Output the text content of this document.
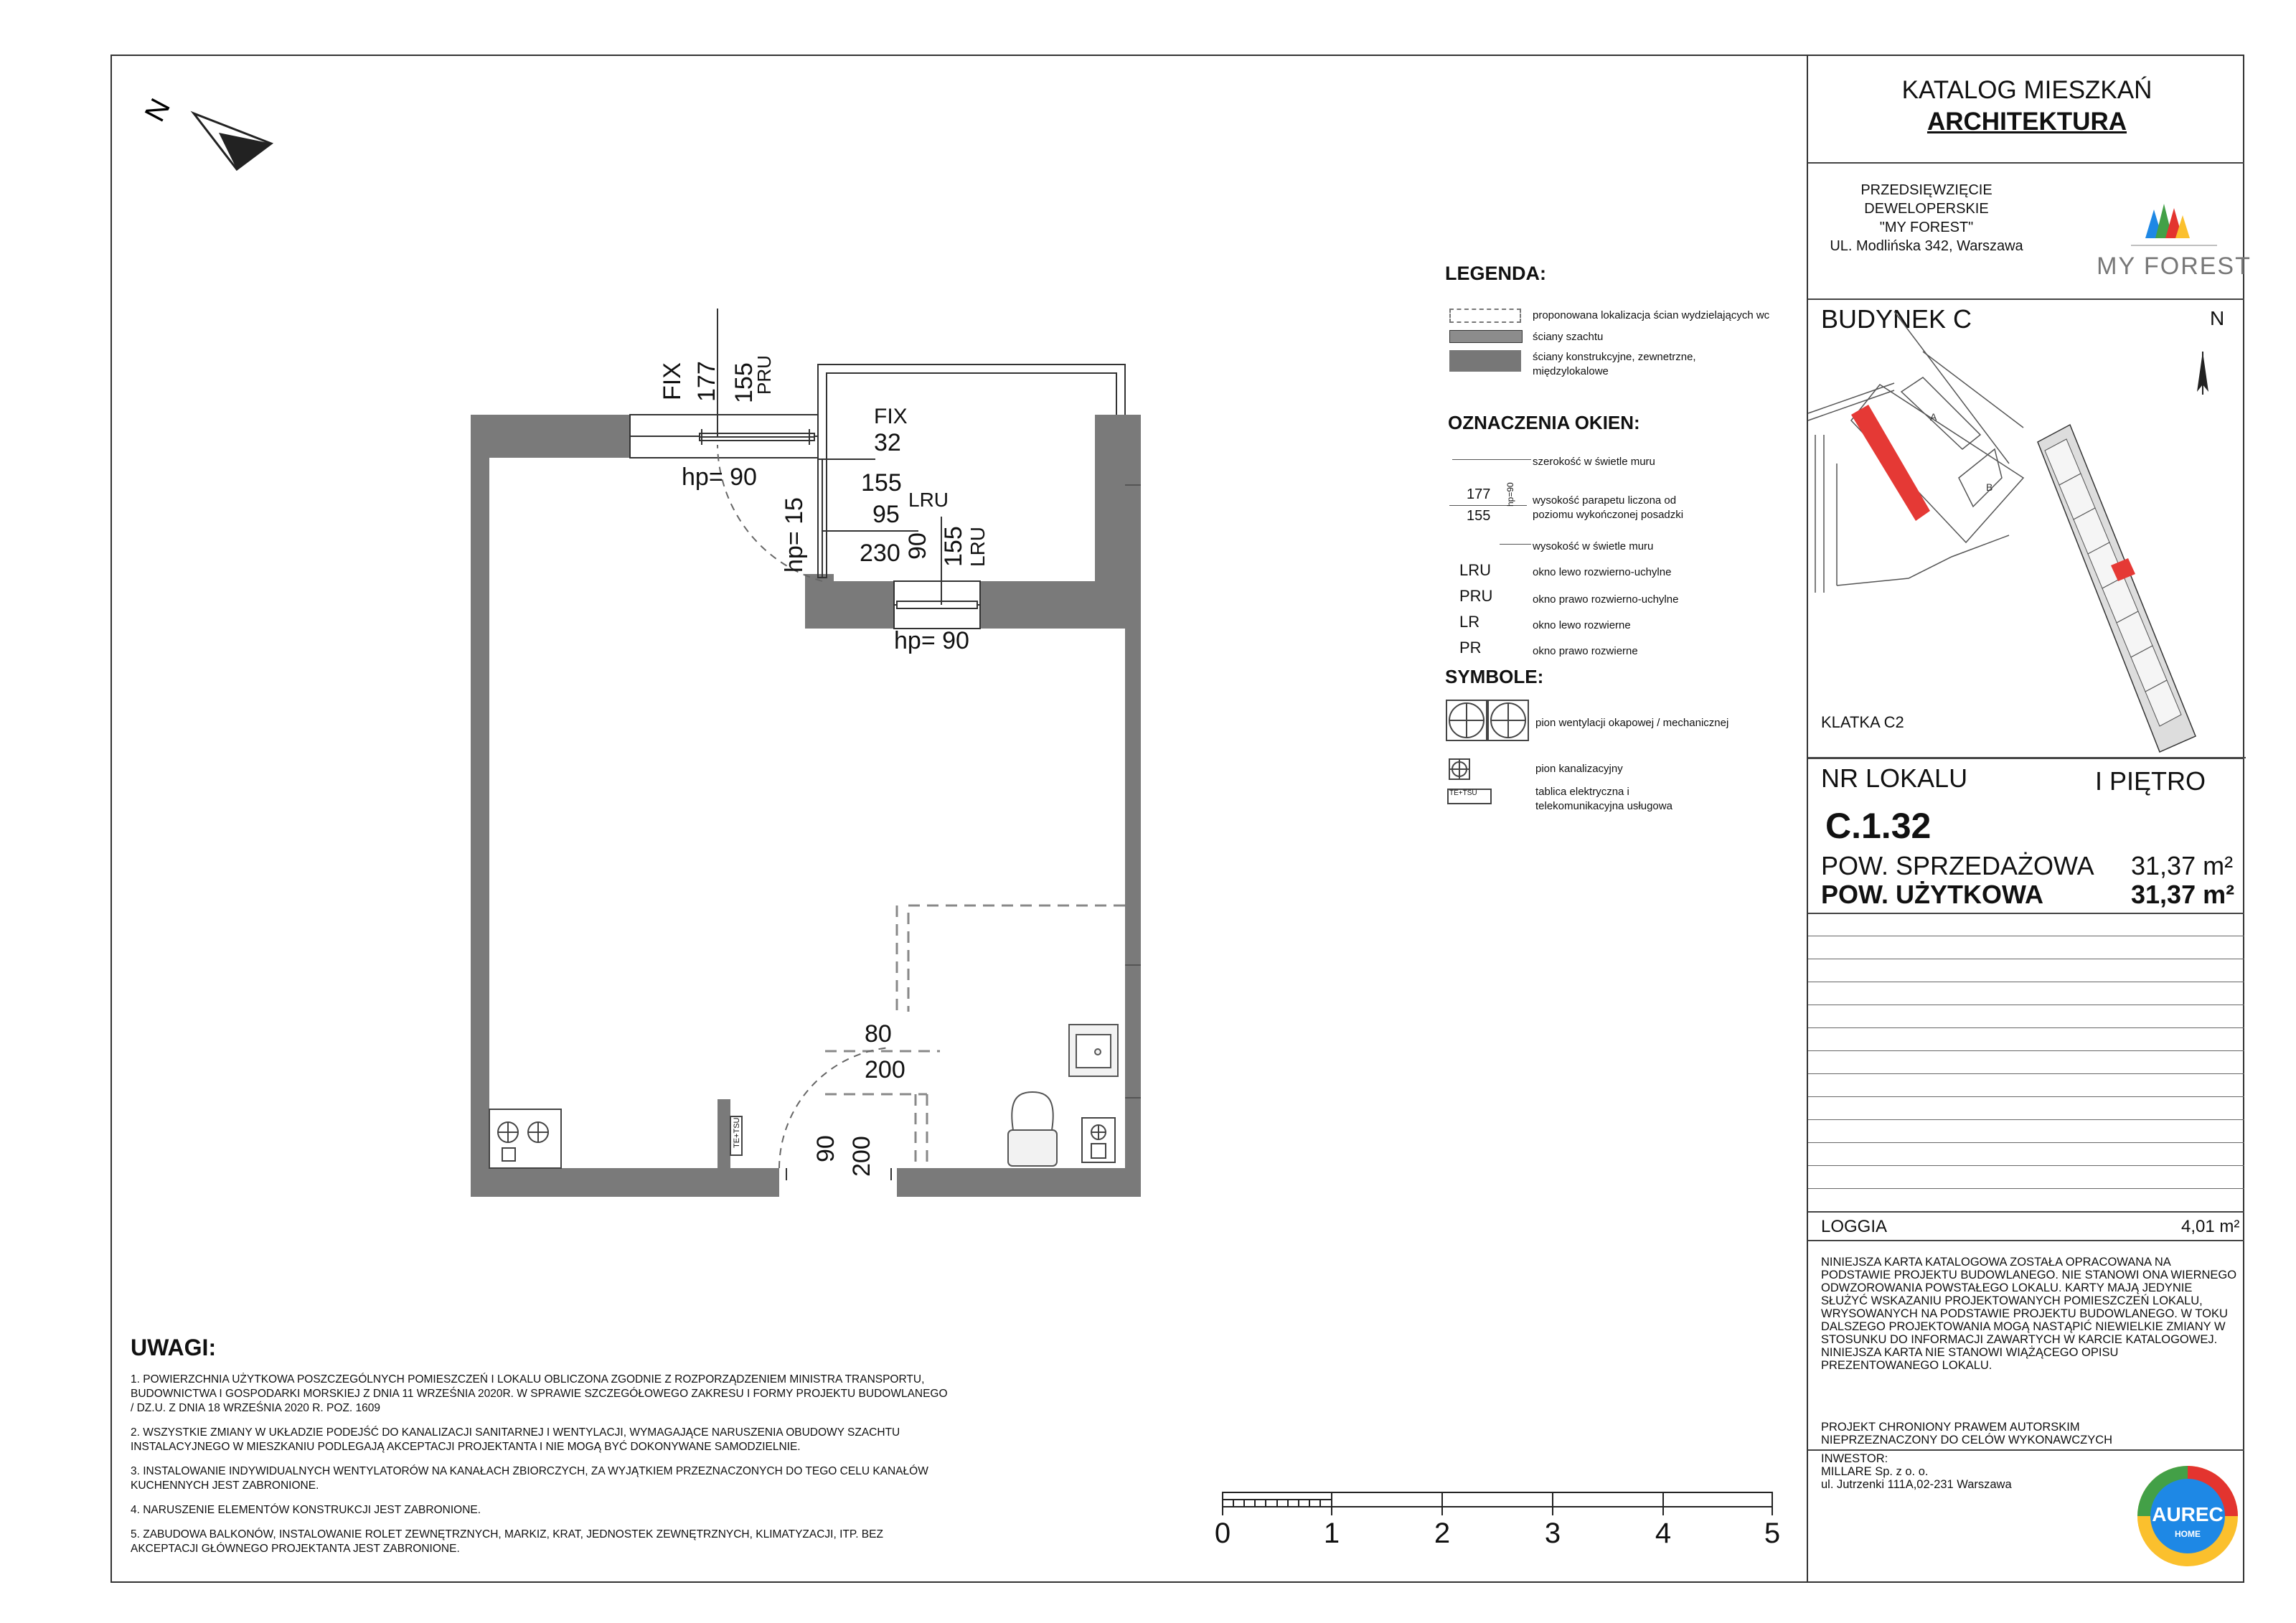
N
FIX 177 155
PRU
hp= 90
FIX
32
155
95
LRU
230
hp= 15	90 155 LRU
hp= 90
80
200
90 200
TE+TSU
0	1	2	3	4	5
LEGENDA:
proponowana lokalizacja ścian wydzielających wc
ściany szachtu
ściany konstrukcyjne, zewnetrzne,
międzylokalowe
OZNACZENIA OKIEN:
szerokość w świetle muru
177
155
hp=90 wysokość parapetu liczona od
poziomu wykończonej posadzki
wysokość w świetle muru
LRU	okno lewo rozwierno-uchylne
PRU	okno prawo rozwierno-uchylne
LR	okno lewo rozwierne
PR	okno prawo rozwierne
SYMBOLE:
TE+TSU
pion wentylacji okapowej / mechanicznej
pion kanalizacyjny
tablica elektryczna i
telekomunikacyjna usługowa
UWAGI:

1. POWIERZCHNIA UŻYTKOWA POSZCZEGÓLNYCH POMIESZCZEŃ I LOKALU OBLICZONA ZGODNIE Z ROZPORZĄDZENIEM MINISTRA TRANSPORTU, BUDOWNICTWA I GOSPODARKI MORSKIEJ Z DNIA 11 WRZEŚNIA 2020R. W SPRAWIE SZCZEGÓŁOWEGO ZAKRESU I FORMY PROJEKTU BUDOWLANEGO / DZ.U. Z DNIA 18 WRZEŚNIA 2020 R. POZ. 1609

2. WSZYSTKIE ZMIANY W UKŁADZIE PODEJŚĆ DO KANALIZACJI SANITARNEJ I WENTYLACJI, WYMAGAJĄCE NARUSZENIA OBUDOWY SZACHTU INSTALACYJNEGO W MIESZKANIU PODLEGAJĄ AKCEPTACJI PROJEKTANTA I NIE MOGĄ BYĆ DOKONYWANE SAMODZIELNIE.

3. INSTALOWANIE INDYWIDUALNYCH WENTYLATORÓW NA KANAŁACH ZBIORCZYCH, ZA WYJĄTKIEM PRZEZNACZONYCH DO TEGO CELU KANAŁÓW KUCHENNYCH JEST ZABRONIONE.

4. NARUSZENIE ELEMENTÓW KONSTRUKCJI JEST ZABRONIONE.

5. ZABUDOWA BALKONÓW, INSTALOWANIE ROLET ZEWNĘTRZNYCH, MARKIZ, KRAT, JEDNOSTEK ZEWNĘTRZNYCH, KLIMATYZACJI, ITP. BEZ AKCEPTACJI GŁÓWNEGO PROJEKTANTA JEST ZABRONIONE.

KATALOG MIESZKAŃ
ARCHITEKTURA
PRZEDSIĘWZIĘCIE
DEWELOPERSKIE
"MY FOREST"
UL. Modlińska 342, Warszawa
MY FOREST
BUDYNEK C	N
A
B
KLATKA C2
NR LOKALU	I PIĘTRO
C.1.32
POW. SPRZEDAŻOWA 31,37 m²
POW. UŻYTKOWA	31,37 m²
LOGGIA	4,01 m²
NINIEJSZA KARTA KATALOGOWA ZOSTAŁA OPRACOWANA NA PODSTAWIE PROJEKTU BUDOWLANEGO. NIE STANOWI ONA WIERNEGO ODWZOROWANIA POWSTAŁEGO LOKALU. KARTY MAJĄ JEDYNIE SŁUŻYĆ WSKAZANIU PROJEKTOWANYCH POMIESZCZEŃ LOKALU, WRYSOWANYCH NA PODSTAWIE PROJEKTU BUDOWLANEGO. W TOKU DALSZEGO PROJEKTOWANIA MOGĄ NASTĄPIĆ NIEWIELKIE ZMIANY W STOSUNKU DO INFORMACJI ZAWARTYCH W KARCIE KATALOGOWEJ. NINIEJSZA KARTA NIE STANOWI WIĄŻĄCEGO OPISU PREZENTOWANEGO LOKALU.
PROJEKT CHRONIONY PRAWEM AUTORSKIM
NIEPRZEZNACZONY DO CELÓW WYKONAWCZYCH
INWESTOR:
MILLARE Sp. z o. o.
ul. Jutrzenki 111A,02-231 Warszawa
AUREC
HOME
